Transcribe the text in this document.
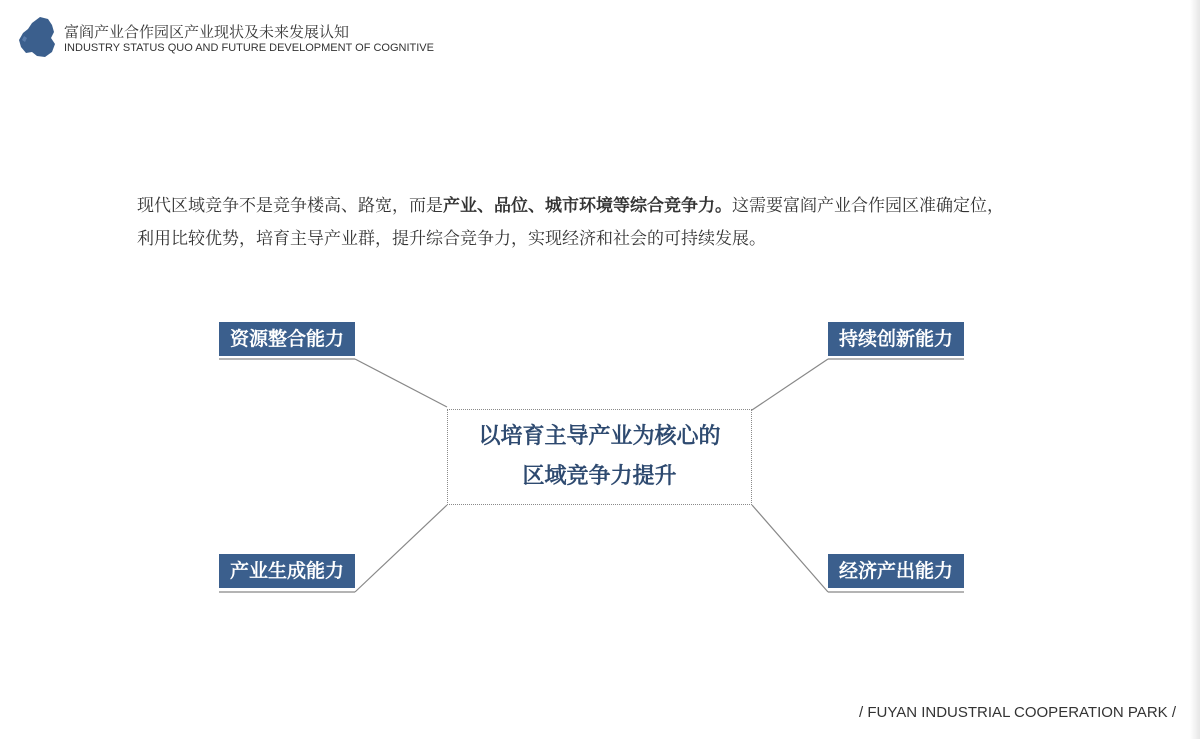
富阎产业合作园区产业现状及未来发展认知
INDUSTRY STATUS QUO AND FUTURE DEVELOPMENT OF COGNITIVE
现代区域竞争不是竞争楼高、路宽，而是产业、品位、城市环境等综合竞争力。这需要富阎产业合作园区准确定位，
利用比较优势，培育主导产业群，提升综合竞争力，实现经济和社会的可持续发展。
以培育主导产业为核心的
区域竞争力提升
资源整合能力	持续创新能力
产业生成能力	经济产出能力
/ FUYAN INDUSTRIAL COOPERATION PARK /
